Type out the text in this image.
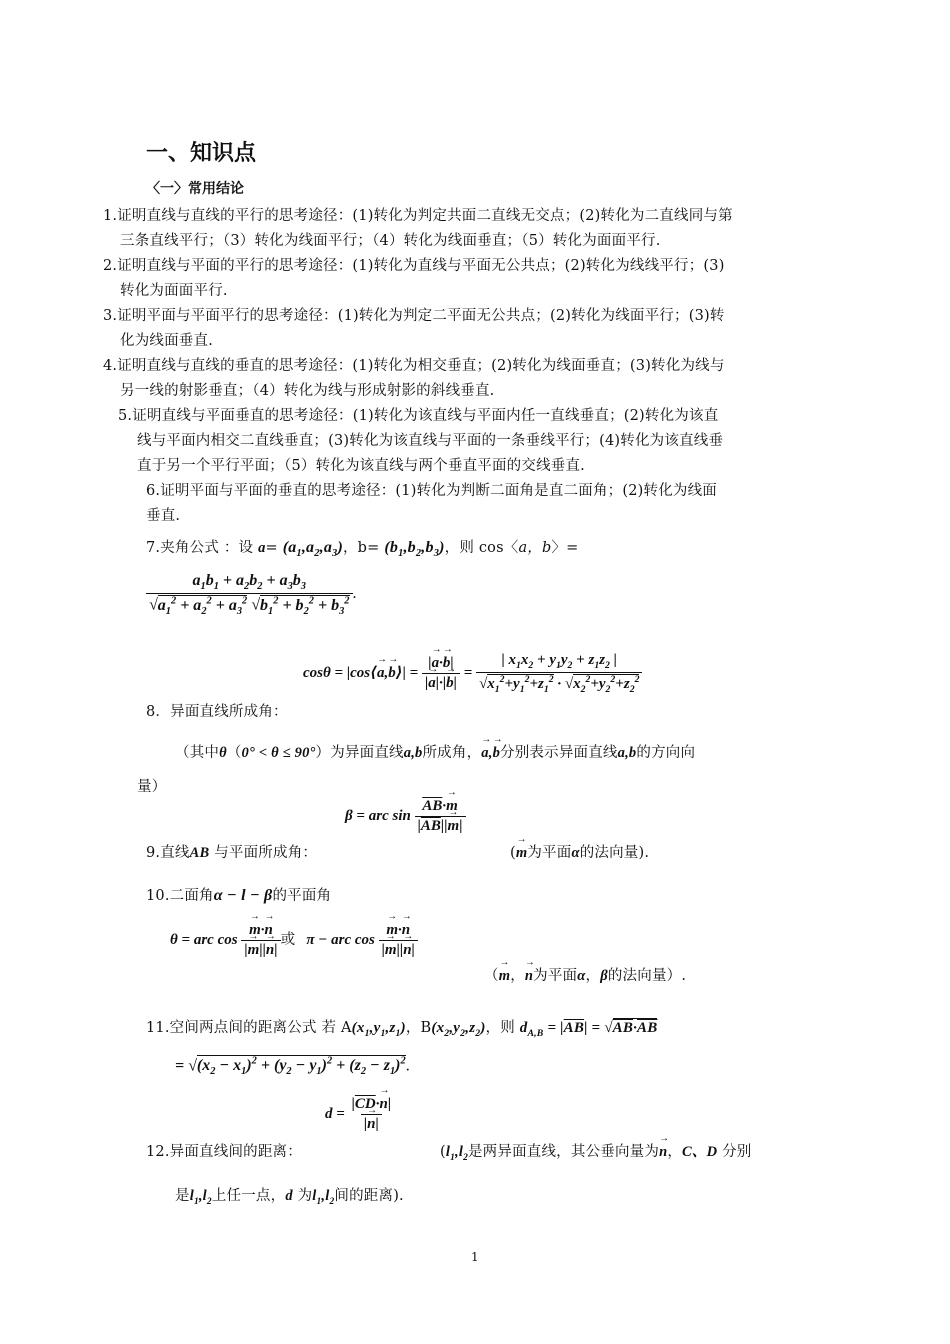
一、知识点
〈一〉常用结论
1.证明直线与直线的平行的思考途径：(1)转化为判定共面二直线无交点；(2)转化为二直线同与第
三条直线平行；（3）转化为线面平行；（4）转化为线面垂直；（5）转化为面面平行.
2.证明直线与平面的平行的思考途径：(1)转化为直线与平面无公共点；(2)转化为线线平行；(3)
转化为面面平行.
3.证明平面与平面平行的思考途径：(1)转化为判定二平面无公共点；(2)转化为线面平行；(3)转
化为线面垂直.
4.证明直线与直线的垂直的思考途径：(1)转化为相交垂直；(2)转化为线面垂直；(3)转化为线与
另一线的射影垂直；（4）转化为线与形成射影的斜线垂直.
5.证明直线与平面垂直的思考途径：(1)转化为该直线与平面内任一直线垂直；(2)转化为该直
线与平面内相交二直线垂直；(3)转化为该直线与平面的一条垂线平行；(4)转化为该直线垂
直于另一个平行平面；（5）转化为该直线与两个垂直平面的交线垂直.
6.证明平面与平面的垂直的思考途径：(1)转化为判断二面角是直二面角；(2)转化为线面
垂直.
7.夹角公式 ：设 $a= (a_1,a_2,a_3)$，$b= (b_1,b_2,b_3)$，则 cos〈a，b〉=
$\frac{a_1b_1 + a_2b_2 + a_3b_3}{√a_1^2 + a_2^2 + a_3^2 √b_1^2 + b_2^2 + b_3^2}$ .
8．异面直线所成角：
cosθ = |cos⟨→ a,→ b⟩| = $\frac{|\to a\cdot\to b|}{|\to a|\cdot|\to b|} = \frac{| x_1x_2 + y_1y_2 + z_1z_2 |}{√x_1^2+y_1^2+z_1^2 \cdot √x_2^2+y_2^2+z_2^2}$
（其中θ（0° < θ ≤ 90°）为异面直线a,b所成角，→ a,→ b分别表示异面直线a,b的方向向
量）
β = arc $\sin \frac{\overline{AB}\cdot\to m}{|\overline{AB}||\to m|}$
9.直线AB 与平面所成角：	(→ m为平面α的法向量).
10.二面角α − l − β的平面角
θ = arc $\cos \to \frac{m\cdot\to n}{|\to m||\to n|}$ 或   π − arc $\cos \to \frac{m\cdot\to n}{|\to m||\to n|}$
（→ m，→ n为平面α，β的法向量）.
11.空间两点间的距离公式 若 $A(x_1,y_1,z_1)$，$B(x_2,y_2,z_2)$，则 $d_{A,B} = |\overline{AB}| = √AB\cdot\overline{AB}$
= $√(x_2 - x_1)^2 + (y_2 - y_1)^2 + (z_2 - z_1)^2$.
$d = \frac{|\overline{CD}\cdot\to n|}{|\to n|}$
12.异面直线间的距离：	($l_1,l_2$是两异面直线，其公垂向量为→ n，C、D 分别
是$l_1,l_2$上任一点，d 为$l_1,l_2$间的距离).
1
